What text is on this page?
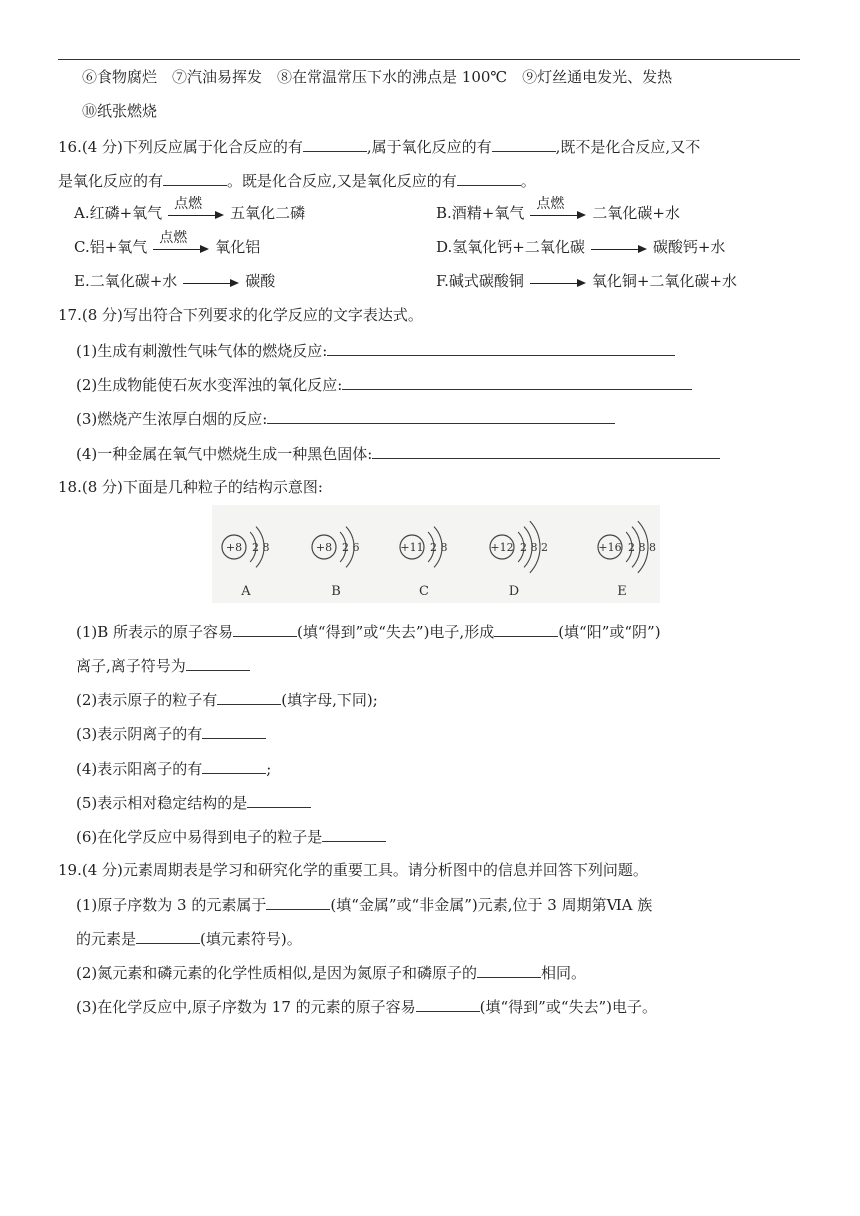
⑥食物腐烂　⑦汽油易挥发　⑧在常温常压下水的沸点是 100℃　⑨灯丝通电发光、发热
⑩纸张燃烧
16.(4 分)下列反应属于化合反应的有	,属于氧化反应的有	,既不是化合反应,又不
是氧化反应的有	。既是化合反应,又是氧化反应的有	。
A.红磷+氧气 点燃 五氧化二磷	B.酒精+氧气 点燃 二氧化碳+水
C.铝+氧气 点燃 氧化铝	D.氢氧化钙+二氧化碳	碳酸钙+水
E.二氧化碳+水	碳酸	F.碱式碳酸铜	氧化铜+二氧化碳+水
17.(8 分)写出符合下列要求的化学反应的文字表达式。
(1)生成有刺激性气味气体的燃烧反应:
(2)生成物能使石灰水变浑浊的氧化反应:
(3)燃烧产生浓厚白烟的反应:
(4)一种金属在氧气中燃烧生成一种黑色固体:
18.(8 分)下面是几种粒子的结构示意图:
+8 2 8
A
+8 2 6
B
+11 2 8
C
+12 2 8 2
D
+16 2 8 8
E
(1)B 所表示的原子容易	(填“得到”或“失去”)电子,形成	(填“阳”或“阴”)
离子,离子符号为
(2)表示原子的粒子有	(填字母,下同);
(3)表示阴离子的有
(4)表示阳离子的有	;
(5)表示相对稳定结构的是
(6)在化学反应中易得到电子的粒子是
19.(4 分)元素周期表是学习和研究化学的重要工具。请分析图中的信息并回答下列问题。
(1)原子序数为 3 的元素属于	(填“金属”或“非金属”)元素,位于 3 周期第ⅥA 族
的元素是	(填元素符号)。
(2)氮元素和磷元素的化学性质相似,是因为氮原子和磷原子的	相同。
(3)在化学反应中,原子序数为 17 的元素的原子容易	(填“得到”或“失去”)电子。
